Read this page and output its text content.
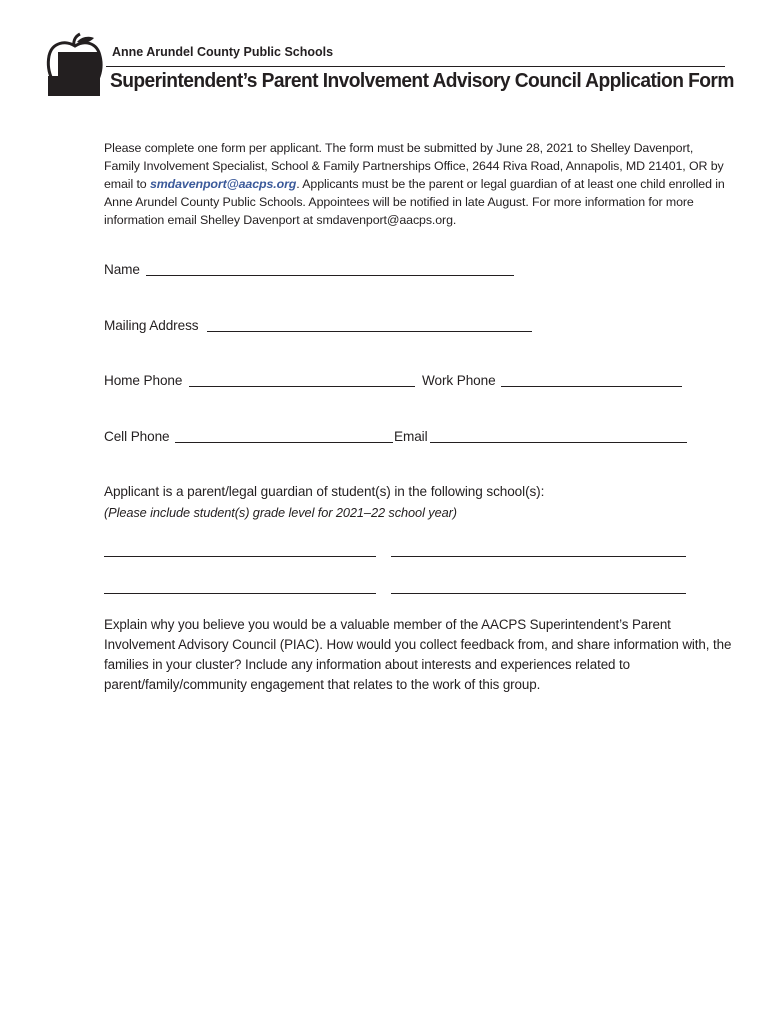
Anne Arundel County Public Schools
Superintendent’s Parent Involvement Advisory Council Application Form
Please complete one form per applicant. The form must be submitted by June 28, 2021 to Shelley Davenport, Family Involvement Specialist, School & Family Partnerships Office, 2644 Riva Road, Annapolis, MD 21401, OR by email to smdavenport@aacps.org. Applicants must be the parent or legal guardian of at least one child enrolled in Anne Arundel County Public Schools. Appointees will be notified in late August. For more information for more information email Shelley Davenport at smdavenport@aacps.org.
Name
Mailing Address
Home Phone	Work Phone
Cell Phone	Email
Applicant is a parent/legal guardian of student(s) in the following school(s):
(Please include student(s) grade level for 2021–22 school year)
Explain why you believe you would be a valuable member of the AACPS Superintendent’s Parent Involvement Advisory Council (PIAC). How would you collect feedback from, and share information with, the families in your cluster? Include any information about interests and experiences related to parent/family/community engagement that relates to the work of this group.
